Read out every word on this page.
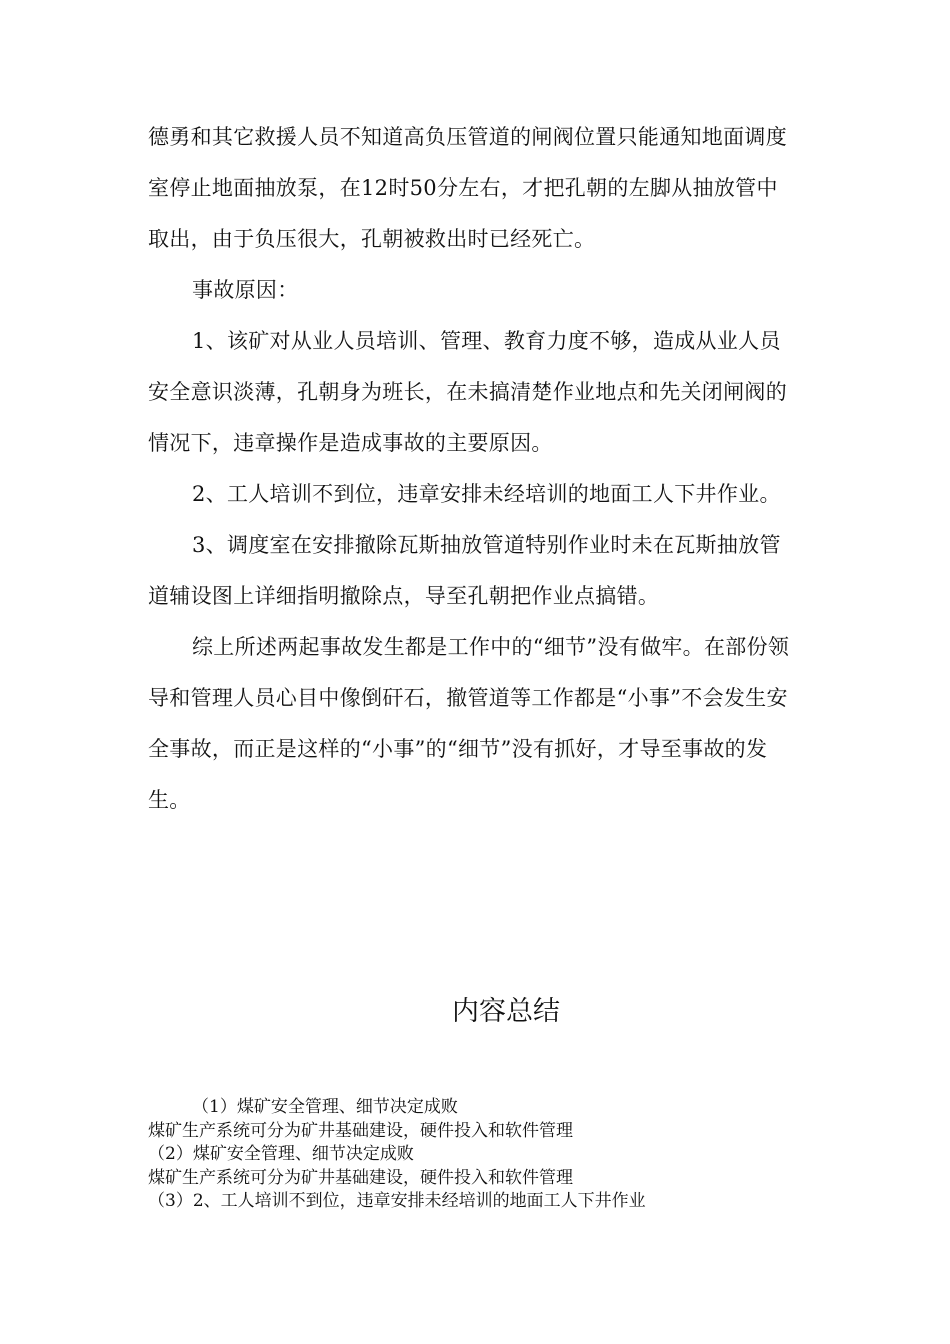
德勇和其它救援人员不知道高负压管道的闸阀位置只能通知地面调度室停止地面抽放泵，在12时50分左右，才把孔朝的左脚从抽放管中取出，由于负压很大，孔朝被救出时已经死亡。

事故原因：

1、该矿对从业人员培训、管理、教育力度不够，造成从业人员安全意识淡薄，孔朝身为班长，在未搞清楚作业地点和先关闭闸阀的情况下，违章操作是造成事故的主要原因。

2、工人培训不到位，违章安排未经培训的地面工人下井作业。

3、调度室在安排撤除瓦斯抽放管道特别作业时未在瓦斯抽放管道辅设图上详细指明撤除点，导至孔朝把作业点搞错。

综上所述两起事故发生都是工作中的“细节”没有做牢。在部份领导和管理人员心目中像倒矸石，撤管道等工作都是“小事”不会发生安全事故，而正是这样的“小事”的“细节”没有抓好，才导至事故的发生。

内容总结

（1）煤矿安全管理、细节决定成败

煤矿生产系统可分为矿井基础建设，硬件投入和软件管理

（2）煤矿安全管理、细节决定成败

煤矿生产系统可分为矿井基础建设，硬件投入和软件管理

（3）2、工人培训不到位，违章安排未经培训的地面工人下井作业
